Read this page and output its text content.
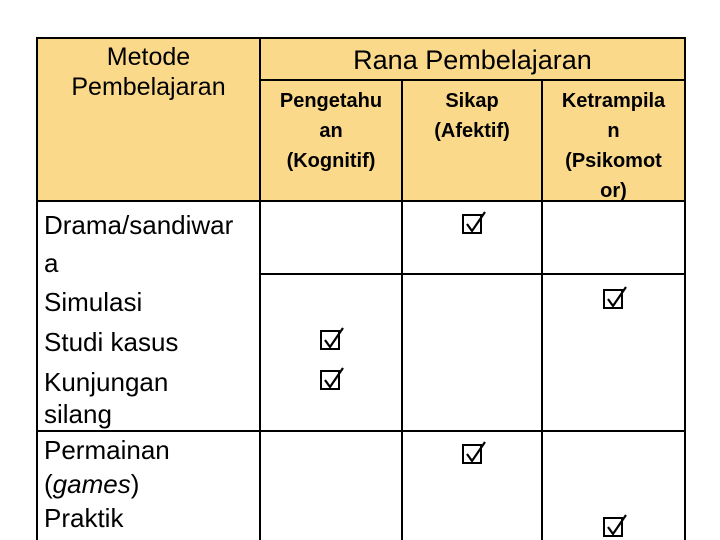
Metode
Pembelajaran
Rana Pembelajaran
Pengetahu
an
(Kognitif)
Sikap
(Afektif)
Ketrampila
n
(Psikomot
or)
Drama/sandiwar
a
Simulasi
Studi kasus
Kunjungan
silang
Permainan
(games)
Praktik
